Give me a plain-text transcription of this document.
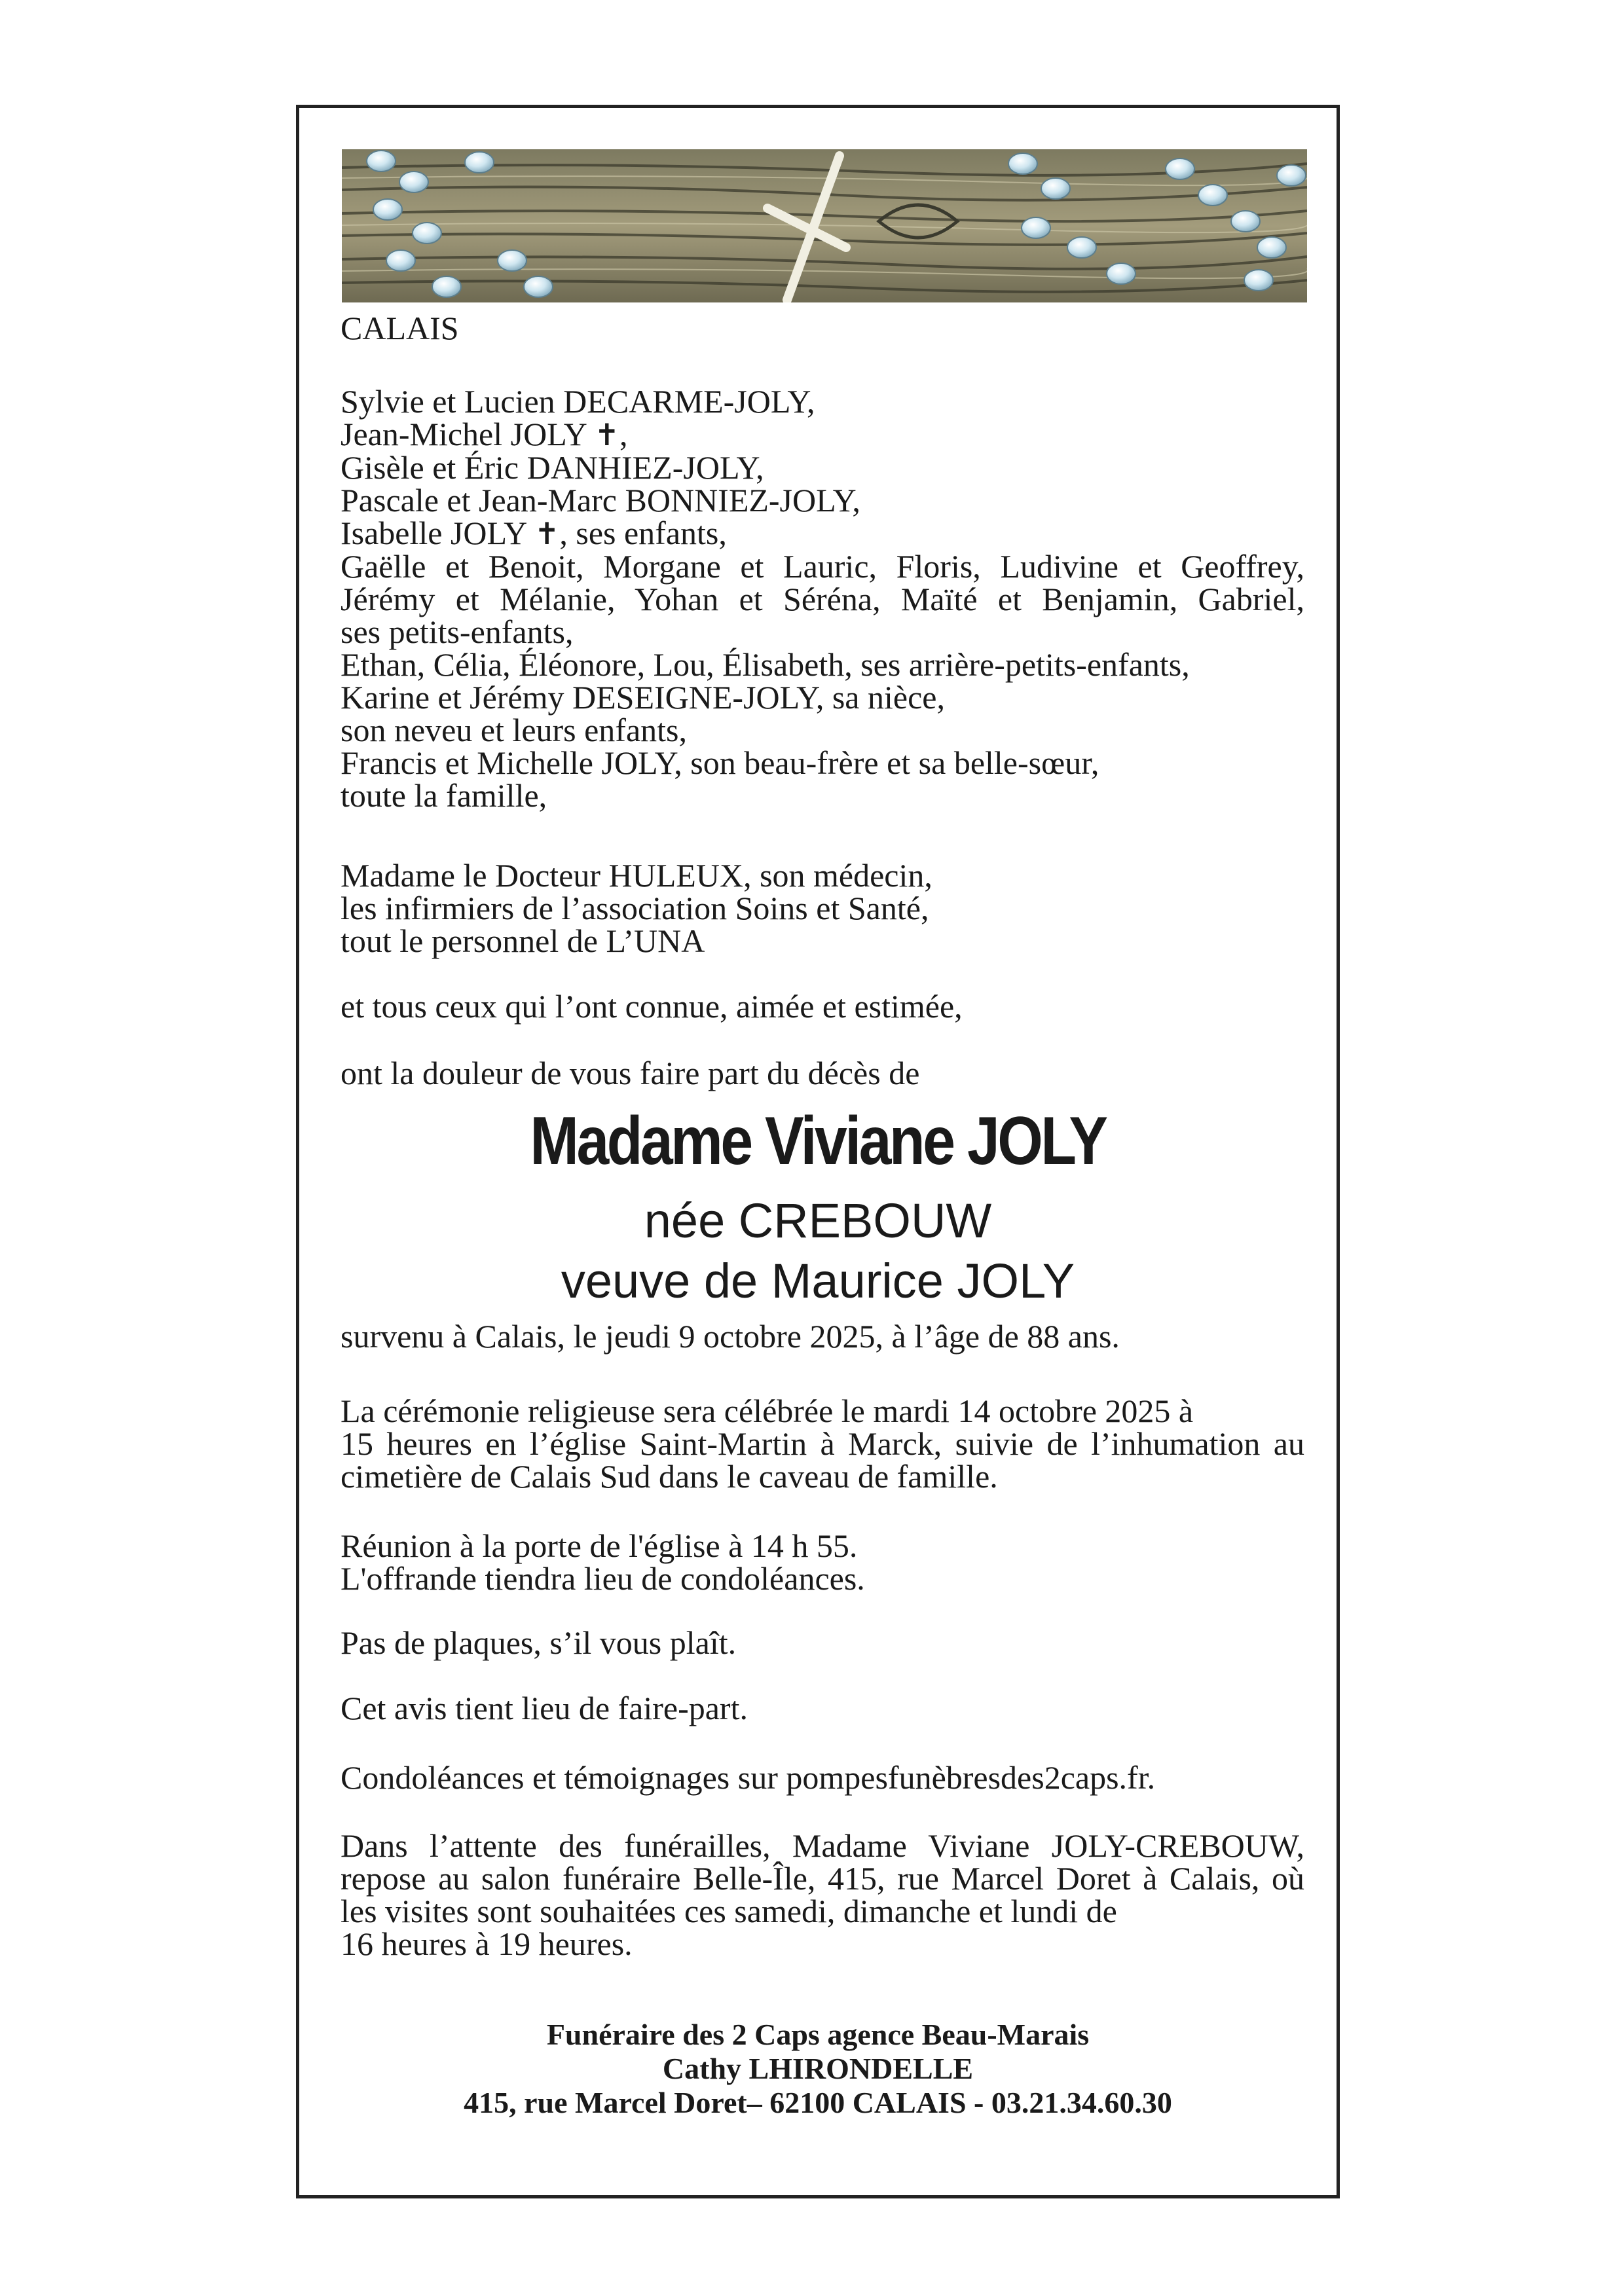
CALAIS
Sylvie et Lucien DECARME-JOLY,
Jean-Michel JOLY ✝,
Gisèle et Éric DANHIEZ-JOLY,
Pascale et Jean-Marc BONNIEZ-JOLY,
Isabelle JOLY ✝, ses enfants,
Gaëlle et Benoit, Morgane et Lauric, Floris, Ludivine et Geoffrey,
Jérémy et Mélanie, Yohan et Séréna, Maïté et Benjamin, Gabriel,
ses petits-enfants,
Ethan, Célia, Éléonore, Lou, Élisabeth, ses arrière-petits-enfants,
Karine et Jérémy DESEIGNE-JOLY, sa nièce,
son neveu et leurs enfants,
Francis et Michelle JOLY, son beau-frère et sa belle-sœur,
toute la famille,
Madame le Docteur HULEUX, son médecin,
les infirmiers de l’association Soins et Santé,
tout le personnel de L’UNA
et tous ceux qui l’ont connue, aimée et estimée,
ont la douleur de vous faire part du décès de
Madame Viviane JOLY
née CREBOUW
veuve de Maurice JOLY
survenu à Calais, le jeudi 9 octobre 2025, à l’âge de 88 ans.
La cérémonie religieuse sera célébrée le mardi 14 octobre 2025 à
15 heures en l’église Saint-Martin à Marck, suivie de l’inhumation au
cimetière de Calais Sud dans le caveau de famille.
Réunion à la porte de l'église à 14 h 55.
L'offrande tiendra lieu de condoléances.
Pas de plaques, s’il vous plaît.
Cet avis tient lieu de faire-part.
Condoléances et témoignages sur pompesfunèbresdes2caps.fr.
Dans l’attente des funérailles, Madame Viviane JOLY-CREBOUW,
repose au salon funéraire Belle-Île, 415, rue Marcel Doret à Calais, où
les visites sont souhaitées ces samedi, dimanche et lundi de
16 heures à 19 heures.
Funéraire des 2 Caps agence Beau-Marais
Cathy LHIRONDELLE
415, rue Marcel Doret– 62100 CALAIS - 03.21.34.60.30
